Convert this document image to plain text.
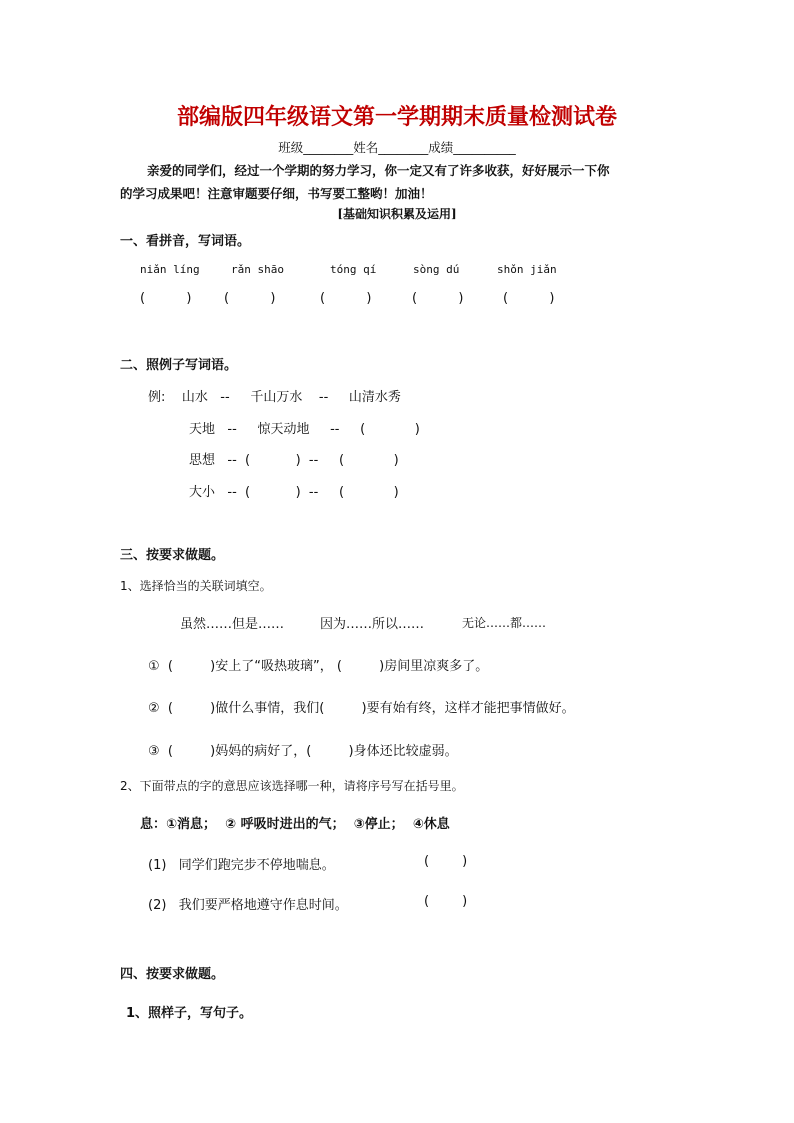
部编版四年级语文第一学期期末质量检测试卷
班级________姓名________成绩__________
亲爱的同学们，经过一个学期的努力学习，你一定又有了许多收获，好好展示一下你
的学习成果吧！注意审题要仔细，书写要工整哟！加油！
[基础知识积累及运用]
一、看拼音，写词语。
niǎn líng	rǎn shāo	tóng qí	sòng dú	shǒn jiǎn
(          )	(          )	(          )	(          )	(          )
二、照例子写词语。
例:    山水   --     千山万水    --     山清水秀
天地   --     惊天动地     --     (            )
思想   --  (           )  --     (            )
大小   --  (           )  --     (            )
三、按要求做题。
1、选择恰当的关联词填空。
虽然……但是……	因为……所以……	无论……都……
①  (         )安上了“吸热玻璃”， (         )房间里凉爽多了。
②  (         )做什么事情，我们(         )要有始有终，这样才能把事情做好。
③  (         )妈妈的病好了，(         )身体还比较虚弱。
2、下面带点的字的意思应该选择哪一种，请将序号写在括号里。
息：①消息；  ② 呼吸时进出的气；  ③停止；  ④休息
(1)   同学们跑完步不停地喘息。	(        )
(2)   我们要严格地遵守作息时间。	(        )
四、按要求做题。
1、照样子，写句子。
